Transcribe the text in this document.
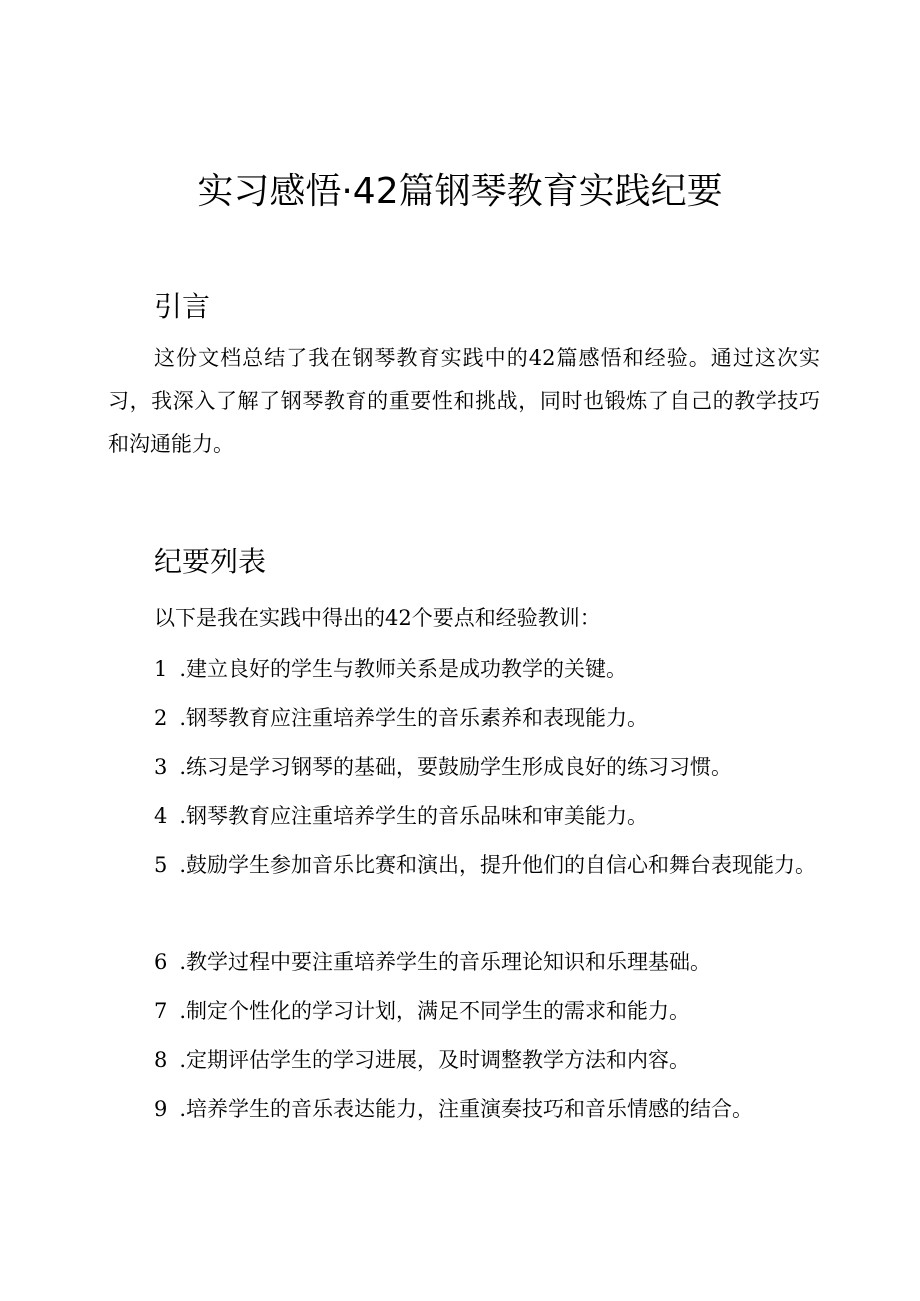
实习感悟·42篇钢琴教育实践纪要
引言

这份文档总结了我在钢琴教育实践中的42篇感悟和经验。通过这次实习，我深入了解了钢琴教育的重要性和挑战，同时也锻炼了自己的教学技巧和沟通能力。

纪要列表

以下是我在实践中得出的42个要点和经验教训：

1 .建立良好的学生与教师关系是成功教学的关键。

2 .钢琴教育应注重培养学生的音乐素养和表现能力。

3 .练习是学习钢琴的基础，要鼓励学生形成良好的练习习惯。

4 .钢琴教育应注重培养学生的音乐品味和审美能力。

5 .鼓励学生参加音乐比赛和演出，提升他们的自信心和舞台表现能力。

6 .教学过程中要注重培养学生的音乐理论知识和乐理基础。

7 .制定个性化的学习计划，满足不同学生的需求和能力。

8 .定期评估学生的学习进展，及时调整教学方法和内容。

9 .培养学生的音乐表达能力，注重演奏技巧和音乐情感的结合。
